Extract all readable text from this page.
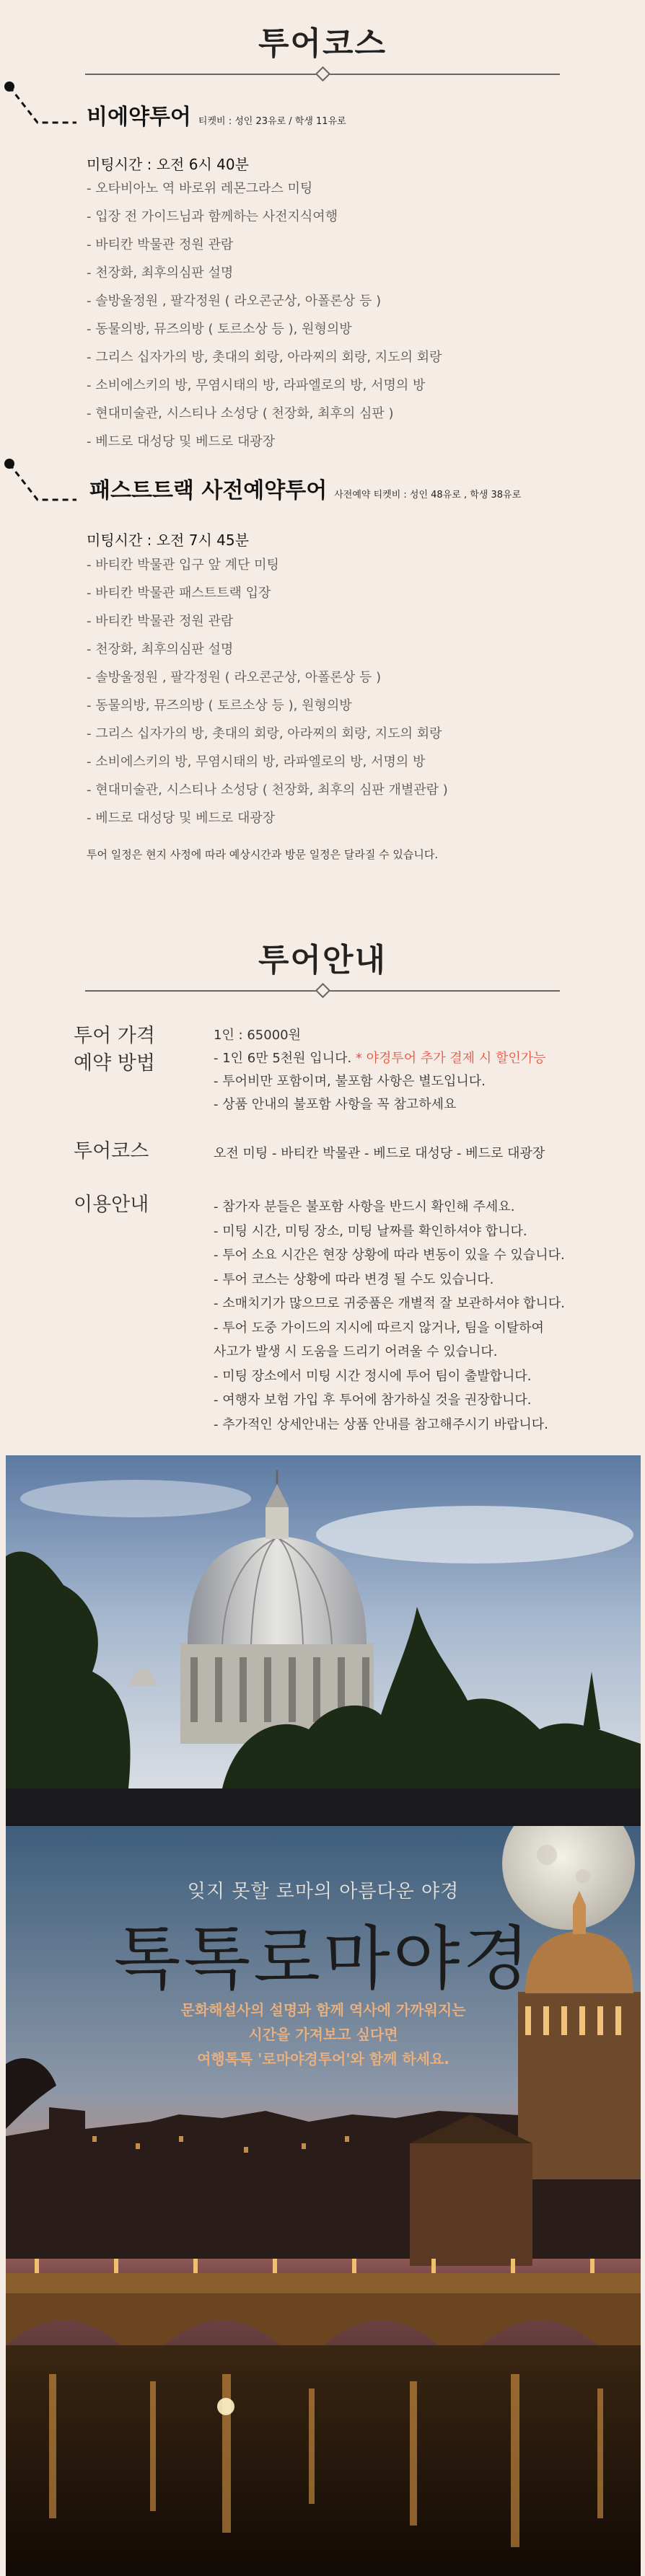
투어코스
비에약투어 티켓비 : 성인 23유로 / 학생 11유로
미팅시간 : 오전 6시 40분
- 오타비아노 역 바로위 레몬그라스 미팅
- 입장 전 가이드님과 함께하는 사전지식여행
- 바티칸 박물관 정원 관람
- 천장화, 최후의심판 설명
- 솔방울정원 , 팔각정원 ( 라오콘군상, 아폴론상 등 )
- 동물의방, 뮤즈의방 ( 토르소상 등 ), 원형의방
- 그리스 십자가의 방, 촛대의 회랑, 아라찌의 회랑, 지도의 회랑
- 소비에스키의 방, 무염시태의 방, 라파엘로의 방, 서명의 방
- 현대미술관, 시스티나 소성당 ( 천장화, 최후의 심판 )
- 베드로 대성당 및 베드로 대광장
패스트트랙 사전예약투어 사전예약 티켓비 : 성인 48유로 , 학생 38유로
미팅시간 : 오전 7시 45분
- 바티칸 박물관 입구 앞 계단 미팅
- 바티칸 박물관 패스트트랙 입장
- 바티칸 박물관 정원 관람
- 천장화, 최후의심판 설명
- 솔방울정원 , 팔각정원 ( 라오콘군상, 아폴론상 등 )
- 동물의방, 뮤즈의방 ( 토르소상 등 ), 원형의방
- 그리스 십자가의 방, 촛대의 회랑, 아라찌의 회랑, 지도의 회랑
- 소비에스키의 방, 무염시태의 방, 라파엘로의 방, 서명의 방
- 현대미술관, 시스티나 소성당 ( 천장화, 최후의 심판 개별관람 )
- 베드로 대성당 및 베드로 대광장
투어 일정은 현지 사정에 따라 예상시간과 방문 일정은 달라질 수 있습니다.
투어안내
투어 가격
예약 방법
1인 : 65000원
- 1인 6만 5천원 입니다. * 야경투어 추가 결제 시 할인가능
- 투어비만 포함이며, 불포함 사항은 별도입니다.
- 상품 안내의 불포함 사항을 꼭 참고하세요
투어코스	오전 미팅 - 바티칸 박물관 - 베드로 대성당 - 베드로 대광장
이용안내	- 참가자 분들은 불포함 사항을 반드시 확인해 주세요.
- 미팅 시간, 미팅 장소, 미팅 날짜를 확인하셔야 합니다.
- 투어 소요 시간은 현장 상황에 따라 변동이 있을 수 있습니다.
- 투어 코스는 상황에 따라 변경 될 수도 있습니다.
- 소매치기가 많으므로 귀중품은 개별적 잘 보관하셔야 합니다.
- 투어 도중 가이드의 지시에 따르지 않거나, 팀을 이탈하여
사고가 발생 시 도움을 드리기 어려울 수 있습니다.
- 미팅 장소에서 미팅 시간 정시에 투어 팀이 출발합니다.
- 여행자 보험 가입 후 투어에 참가하실 것을 권장합니다.
- 추가적인 상세안내는 상품 안내를 참고해주시기 바랍니다.
잊지 못할 로마의 아름다운 야경
톡톡로마야경
문화해설사의 설명과 함께 역사에 가까워지는
시간을 가져보고 싶다면
여행톡톡 '로마야경투어'와 함께 하세요.
